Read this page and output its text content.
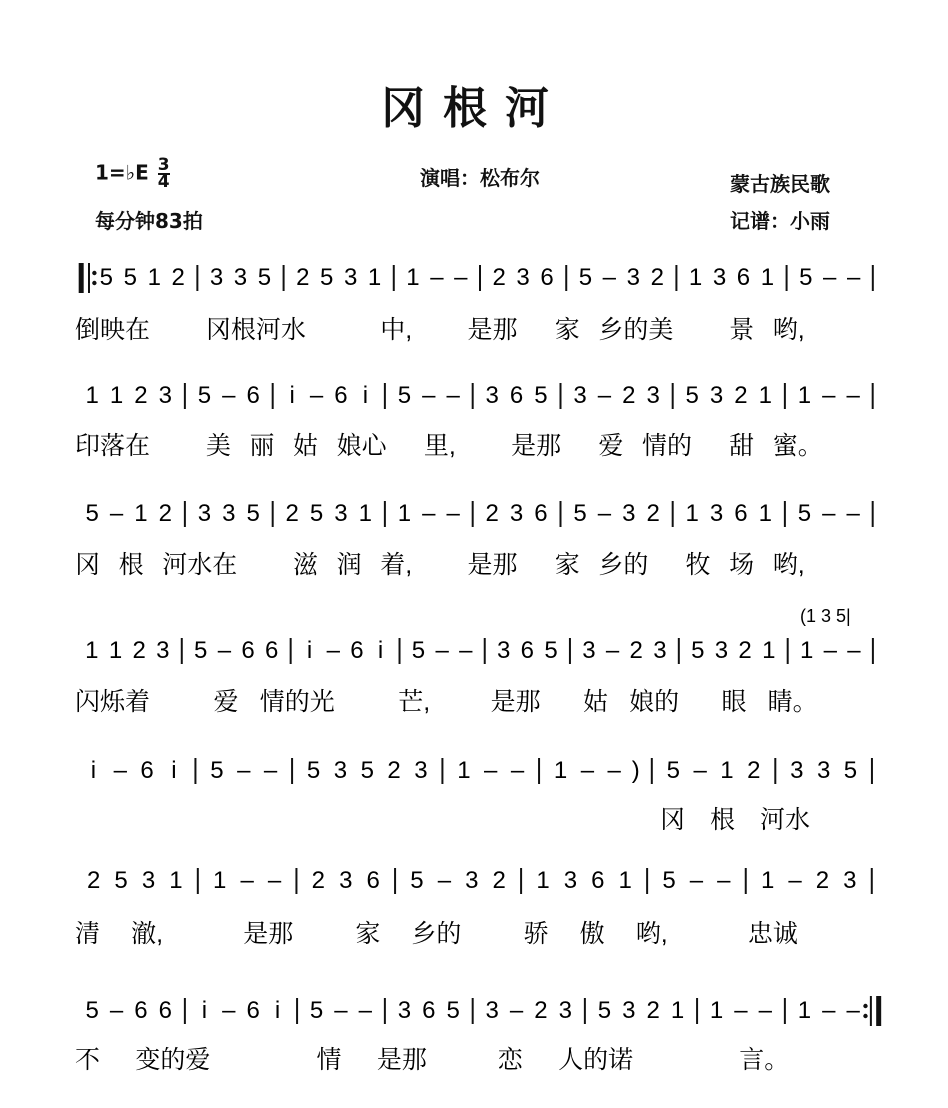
冈根河
1=♭E $\frac{3}{4}$
每分钟83拍
演唱：松布尔	蒙古族民歌
记谱：小雨
5 5 1 2 3 3 5 2 5 3 1 1 – – 2 3 6 5 – 3 2 1 3 6 1 5 – –
倒映在 冈根河水	中, 是那 家 乡的美 景 哟,
1 1 2 3 5 – 6 i – 6 i 5 – – 3 6 5 3 – 2 3 5 3 2 1 1 – –
印落在 美 丽 姑 娘心 里, 是那 爱 情的 甜 蜜。
5 – 1 2 3 3 5 2 5 3 1 1 – – 2 3 6 5 – 3 2 1 3 6 1 5 – –
冈 根 河水在 滋 润 着, 是那 家 乡的 牧 场 哟,
1 1 2 3 5 – 6 6 i – 6 i 5 – – 3 6 5 3 – 2 3 5 3 2 1 1 – –
(1 3 5|
闪烁着	爱 情的光	芒, 是那 姑 娘的 眼 睛。
i – 6 i 5 – – 5 3 5 2 3 1 – – 1 – – ) 5 – 1 2 3 3 5
冈 根 河水
2 5 3 1 1 – – 2 3 6 5 – 3 2 1 3 6 1 5 – – 1 – 2 3
清 澈,	是那 家 乡的 骄 傲 哟,	忠诚
5 – 6 6 i – 6 i 5 – – 3 6 5 3 – 2 3 5 3 2 1 1 – – 1 – –
不 变的爱	情 是那	恋 人的诺	言。
